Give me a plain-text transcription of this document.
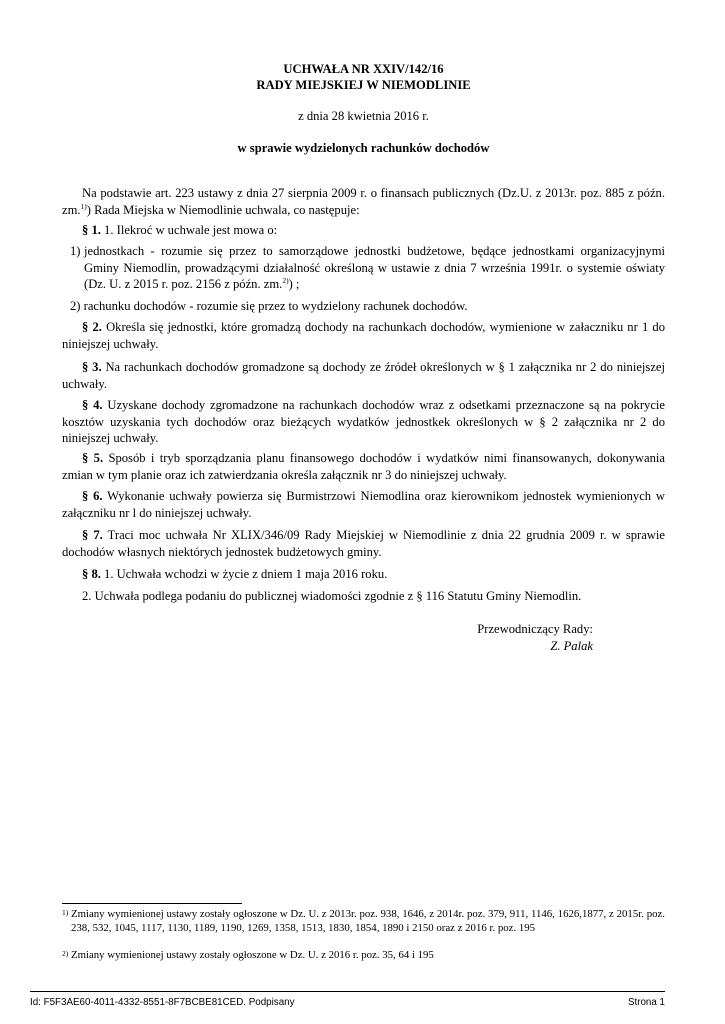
UCHWAŁA NR XXIV/142/16
RADY MIEJSKIEJ W NIEMODLINIE
z dnia 28 kwietnia 2016 r.
w sprawie wydzielonych rachunków dochodów
Na podstawie art. 223 ustawy z dnia 27 sierpnia 2009 r. o finansach publicznych (Dz.U. z 2013r. poz. 885 z późn. zm.$^{1)}$) Rada Miejska w Niemodlinie uchwala, co następuje:
§ 1. 1. Ilekroć w uchwale jest mowa o:
1) jednostkach - rozumie się przez to samorządowe jednostki budżetowe, będące jednostkami organizacyjnymi Gminy Niemodlin, prowadzącymi działalność określoną w ustawie z dnia 7 września 1991r. o systemie oświaty (Dz. U. z 2015 r. poz. 2156 z późn. zm.$^{2)}$) ;
2) rachunku dochodów - rozumie się przez to wydzielony rachunek dochodów.
§ 2. Określa się jednostki, które gromadzą dochody na rachunkach dochodów, wymienione w załaczniku nr 1 do niniejszej uchwały.
§ 3. Na rachunkach dochodów gromadzone są dochody ze źródeł określonych w § 1 załącznika nr 2 do niniejszej uchwały.
§ 4. Uzyskane dochody zgromadzone na rachunkach dochodów wraz z odsetkami przeznaczone są na pokrycie kosztów uzyskania tych dochodów oraz bieżących wydatków jednostkek określonych w § 2 załącznika nr 2 do niniejszej uchwały.
§ 5. Sposób i tryb sporządzania planu finansowego dochodów i wydatków nimi finansowanych, dokonywania zmian w tym planie oraz ich zatwierdzania określa załącznik nr 3 do niniejszej uchwały.
§ 6. Wykonanie uchwały powierza się Burmistrzowi Niemodlina oraz kierownikom jednostek wymienionych w załączniku nr l do niniejszej uchwały.
§ 7. Traci moc uchwała Nr XLIX/346/09 Rady Miejskiej w Niemodlinie z dnia 22 grudnia 2009 r. w sprawie dochodów własnych niektórych jednostek budżetowych gminy.
§ 8. 1. Uchwała wchodzi w życie z dniem 1 maja 2016 roku.
2. Uchwała podlega podaniu do publicznej wiadomości zgodnie z § 116 Statutu Gminy Niemodlin.
Przewodniczący Rady:
Z. Palak
1) Zmiany wymienionej ustawy zostały ogłoszone w Dz. U. z 2013r. poz. 938, 1646, z 2014r. poz. 379, 911, 1146, 1626,1877, z 2015r. poz. 238, 532, 1045, 1117, 1130, 1189, 1190, 1269, 1358, 1513, 1830, 1854, 1890 i 2150 oraz z 2016 r. poz. 195
2) Zmiany wymienionej ustawy zostały ogłoszone w Dz. U. z 2016 r. poz. 35, 64 i 195
Id: F5F3AE60-4011-4332-8551-8F7BCBE81CED. Podpisany	Strona 1
